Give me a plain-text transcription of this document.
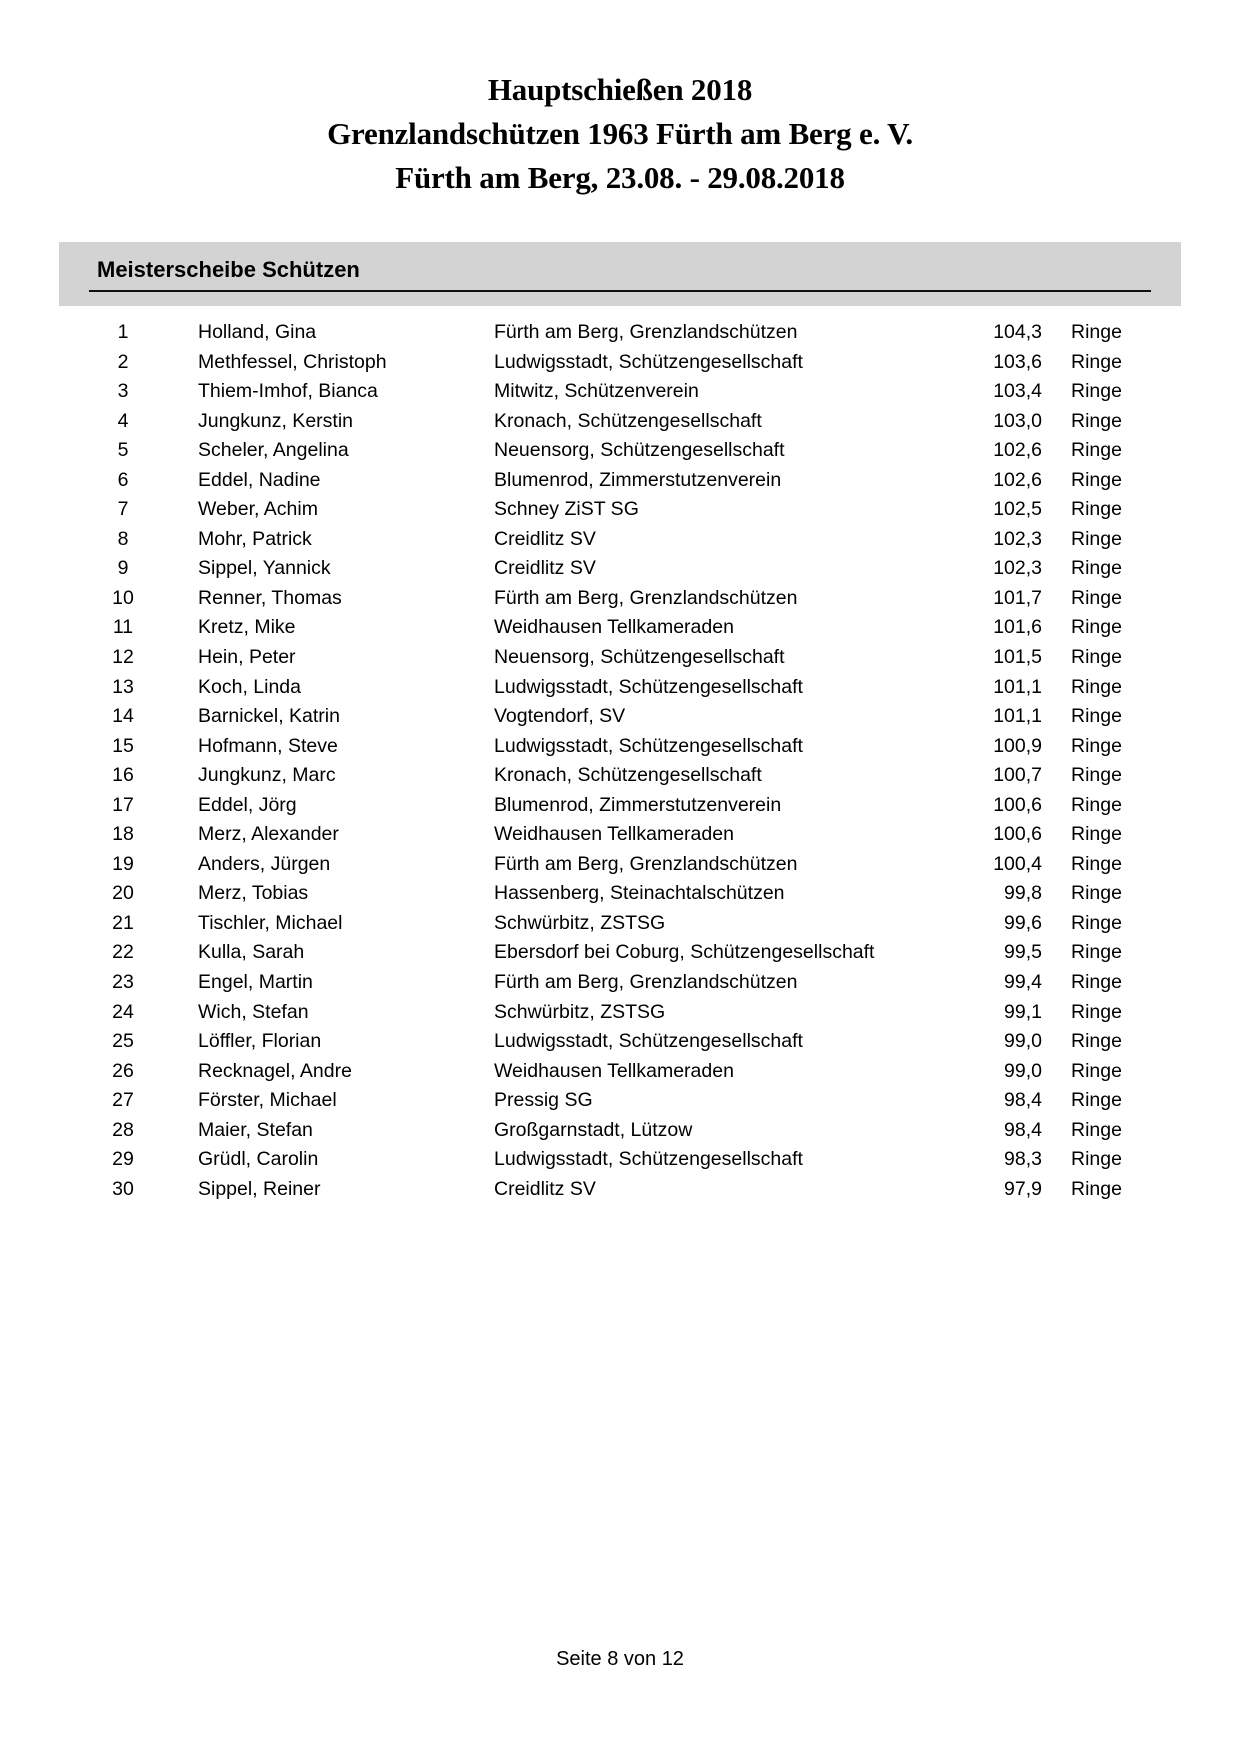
Hauptschießen 2018
Grenzlandschützen 1963 Fürth am Berg e. V.
Fürth am Berg, 23.08. - 29.08.2018
Meisterscheibe Schützen
1	Holland, Gina	Fürth am Berg, Grenzlandschützen	104,3 Ringe
2	Methfessel, Christoph	Ludwigsstadt, Schützengesellschaft	103,6 Ringe
3	Thiem-Imhof, Bianca	Mitwitz, Schützenverein	103,4 Ringe
4	Jungkunz, Kerstin	Kronach, Schützengesellschaft	103,0 Ringe
5	Scheler, Angelina	Neuensorg, Schützengesellschaft	102,6 Ringe
6	Eddel, Nadine	Blumenrod, Zimmerstutzenverein	102,6 Ringe
7	Weber, Achim	Schney ZiST SG	102,5 Ringe
8	Mohr, Patrick	Creidlitz SV	102,3 Ringe
9	Sippel, Yannick	Creidlitz SV	102,3 Ringe
10	Renner, Thomas	Fürth am Berg, Grenzlandschützen	101,7 Ringe
11	Kretz, Mike	Weidhausen Tellkameraden	101,6 Ringe
12	Hein, Peter	Neuensorg, Schützengesellschaft	101,5 Ringe
13	Koch, Linda	Ludwigsstadt, Schützengesellschaft	101,1 Ringe
14	Barnickel, Katrin	Vogtendorf, SV	101,1 Ringe
15	Hofmann, Steve	Ludwigsstadt, Schützengesellschaft	100,9 Ringe
16	Jungkunz, Marc	Kronach, Schützengesellschaft	100,7 Ringe
17	Eddel, Jörg	Blumenrod, Zimmerstutzenverein	100,6 Ringe
18	Merz, Alexander	Weidhausen Tellkameraden	100,6 Ringe
19	Anders, Jürgen	Fürth am Berg, Grenzlandschützen	100,4 Ringe
20	Merz, Tobias	Hassenberg, Steinachtalschützen	99,8 Ringe
21	Tischler, Michael	Schwürbitz, ZSTSG	99,6 Ringe
22	Kulla, Sarah	Ebersdorf bei Coburg, Schützengesellschaft	99,5 Ringe
23	Engel, Martin	Fürth am Berg, Grenzlandschützen	99,4 Ringe
24	Wich, Stefan	Schwürbitz, ZSTSG	99,1 Ringe
25	Löffler, Florian	Ludwigsstadt, Schützengesellschaft	99,0 Ringe
26	Recknagel, Andre	Weidhausen Tellkameraden	99,0 Ringe
27	Förster, Michael	Pressig SG	98,4 Ringe
28	Maier, Stefan	Großgarnstadt, Lützow	98,4 Ringe
29	Grüdl, Carolin	Ludwigsstadt, Schützengesellschaft	98,3 Ringe
30	Sippel, Reiner	Creidlitz SV	97,9 Ringe
Seite 8 von 12
